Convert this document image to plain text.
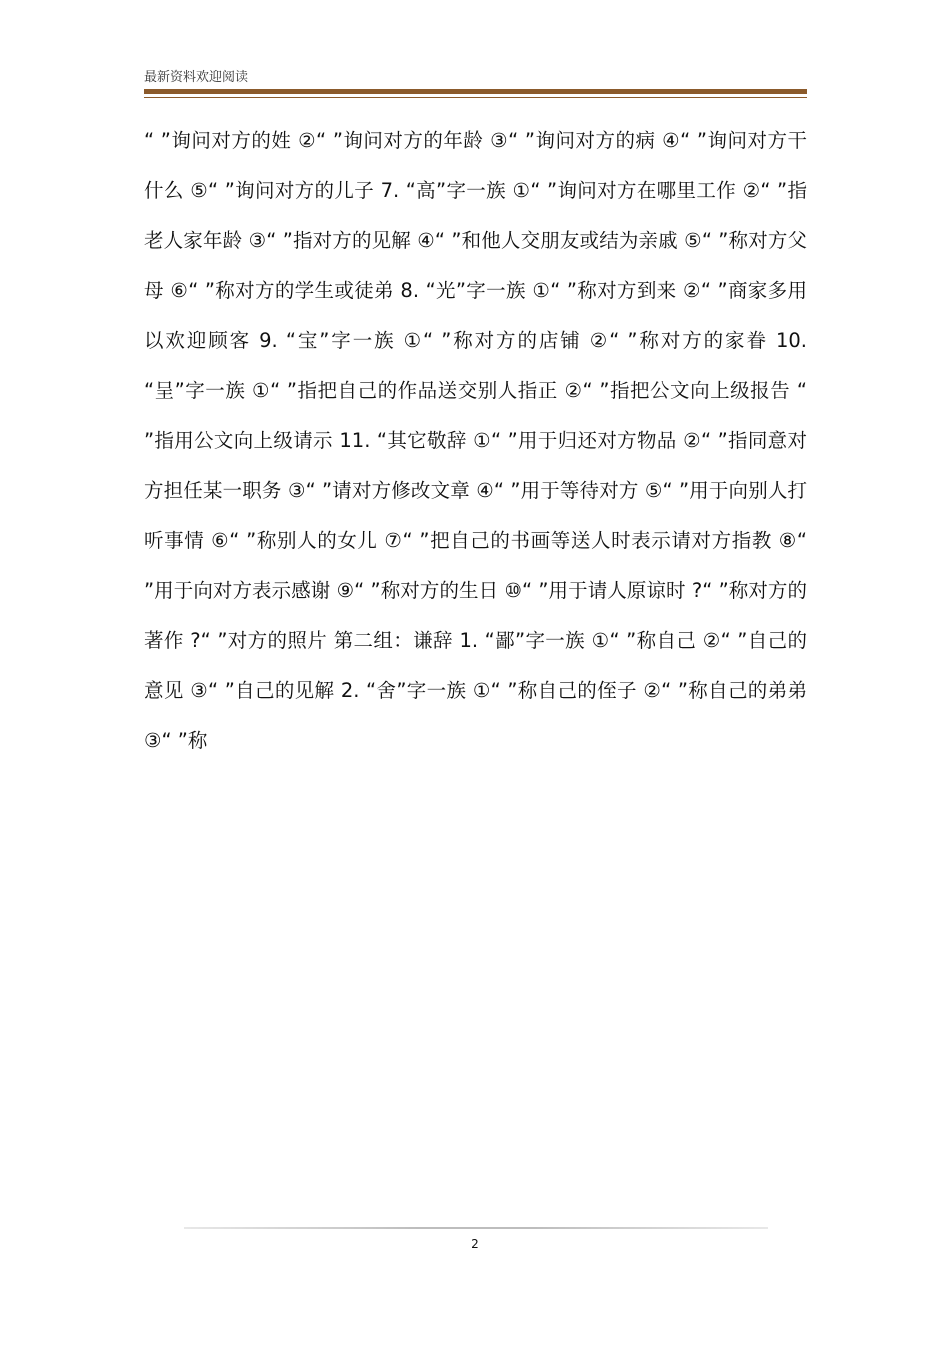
最新资料欢迎阅读

“ ”询问对方的姓 ②“ ”询问对方的年龄 ③“ ”询问对方的病 ④“ ”询问对方干什么 ⑤“ ”询问对方的儿子 7. “高”字一族 ①“ ”询问对方在哪里工作 ②“ ”指老人家年龄 ③“ ”指对方的见解 ④“ ”和他人交朋友或结为亲戚 ⑤“ ”称对方父母 ⑥“ ”称对方的学生或徒弟 8. “光”字一族 ①“ ”称对方到来 ②“ ”商家多用以欢迎顾客 9. “宝”字一族 ①“ ”称对方的店铺 ②“ ”称对方的家眷 10. “呈”字一族 ①“ ”指把自己的作品送交别人指正 ②“ ”指把公文向上级报告 “ ”指用公文向上级请示 11. “其它敬辞 ①“ ”用于归还对方物品 ②“ ”指同意对方担任某一职务 ③“ ”请对方修改文章 ④“ ”用于等待对方 ⑤“ ”用于向别人打听事情 ⑥“ ”称别人的女儿 ⑦“ ”把自己的书画等送人时表示请对方指教 ⑧“ ”用于向对方表示感谢 ⑨“ ”称对方的生日 ⑩“ ”用于请人原谅时 ?“ ”称对方的著作 ?“ ”对方的照片 第二组：谦辞 1. “鄙”字一族 ①“ ”称自己 ②“ ”自己的意见 ③“ ”自己的见解 2. “舍”字一族 ①“ ”称自己的侄子 ②“ ”称自己的弟弟 ③“ ”称

2
